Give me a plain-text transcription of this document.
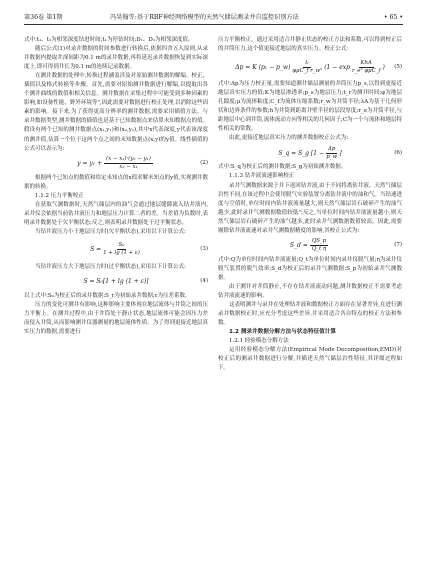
第36卷 第1期	冯昊翰等:基于RBF神经网络模型的天然气储层测录井自监控识别方法	• 65 •

式中:t₁、t₂为相邻深度钻进时间;t₁为停钻时间;D₁、D₂为相邻深度值。

随后公式(1)对录井数据的时间参数进行转换后,依据四舍五入原则,从录井数据内提取井深间距为0.1 m的录井数据,再将延迟录井数据恢复到实际深度上,即可得到井长为0.1 m的连续记录数据。

在测井数据的处理中,转换过程涵盖涉及对原始测井数据的解编、校正、插值以及格式转换等步骤。首先,需要对原始测井数据进行解编,以提取出各个测井曲线的数值和相关信息。测井数据在采集过程中可能受到多种因素的影响,如设备性能、野外环境等",因此需要对数据进行校正处理,以消除这些因素的影响。接下来,为了获得更高分辨率的测井数据,需要采用插值方法。与录井数据类型,测井数据的插值也是基于已知数据点来估算未知数据点的值。假设有两个已知的测井数据点(x₁,y₁)和(x₂,y₂),其中x代表深度,y代表该深度的测井值,估算一个位于这两个点之间的未知数据点(x,y)的y值。线性插值的公式可以表示为:

$y = y_1 + \frac{\text{(x − x₁)·(y₂ − y₁)}}{\text{x₂ − x₁}}$	(2)

根据两个已知点的数值和给定未知点的x值求解未知点的y值,实现测井数据的转换。

1.1.2 压力平衡校正

在获取气测数据时,天然气储层内的油气会通过地层缝隙流入钻井液内,录井仪会依据当前钻井液压力和地层压力计算二者的差。当差值为负数时,表明录井数据处于欠平衡状态;反之,则表明录井数据处于过平衡状态。

当钻井液压力小于地层压力时(欠平衡状态),采用以下计算公式:

$S = \frac{\text{S₀}}{1 + \lg (1 + \varepsilon)}$	(3)

当钻井液压力大于地层压力时(过平衡状态),采用以下计算公式:

S = S₀[1 + lg (1 + ε)]	(4)

以上式中:S₀为校正后的录井数据;S_r为初始录井数据;ε为压差系数。

压力的变化可测井有影响,这种影响主要体现在地层流体与井筒之间的压力平衡上。在测井过程中,由于井筒处于静止状态,地层流体可能会因压力差而侵入井筒,从而影响测井仪器测量的地层流体性质。为了得到更接近地层真实压力的数据,需要进行

压力平衡校正。通过采用适合井静止状态的校正方法和系数,可以得到校正后的井筒压力,这个值更接近地层的真实压力。校正公式:

Δp = K (p₁ − p_w) $\frac{\text{tᵣ}}{\text{φμC\_f r\_w²}} (1 - \exp \frac{\text{KhA}}{\text{r\_e² φμC\_f}}$ ) (5)

式中:Δp为压力校正量,需要知道测井储层测量的井筒压力p_s,以得到更接近地层真实压力的值;K为地层渗透率;p_s为地层压力;t_r为测井时间;φ为地层孔隙度;μ为流体粘度;C_f为流体压缩系数;r_w为井筒半径;λA为基于几何形状和边界条件的参数;h为井筒到距离井壁半径的层段厚度;r_e为井筒半径,与距地层中心到井筒,流体流动方向等相关的几何因子;C为一个与流体和地层特性相关的常数。

由此,更接近地层真实压力的测井数据校正公式为:

S_q = S_g [$1 - \frac{\Delta p}{p\_w}$ ]	(6)

式中:S_q为校正后的测井数据;S_g为初始测井数据。

1.1.3 钻井液流速影响校正

录井气测数据来源于并下返回钻井液,由于不同将离钻井液、天然气储层岩性不同,在该过程中会使用脱气实验装置分离钻井液中的油和气。当钻速进度与空值时,单位时间内钻井液流量越大,则天然气储层岩石破碎产生的油气越少,此时录井气测数据数值较低";反之,当单位时间内钻井液流量越小,则天然气储层岩石破碎产生的油气越多,此时录井气测数据数值较高。因此,需要剔除钻井液流速对录井气测数据精度的影响,其校正公式为:

S_d = $\frac{QS\_p}{\text{Q\_t η}}$	(7)

式中:Q为单位时间内钻井液流量;Q_t为单位时间内录井仪脱气量;η为录井仪脱气装置的脱气效率;S_d为校正后的录井气测数据;S_p为初始录井气测数据。

由于测井对井筒静止,不存在钻井液流动问题,测井数据校正不需要考虑钻井液流速的影响。

这表明测井与录井在处理钻井液和数据校正方面存在显著差异,在进行测录井数据校正时,应充分考虑这些差异,并采用适合各自特点的校正方法和参数。

1.2 测录井数据分解方法与状态特征值计算

1.2.1 经验模态分解方法

运用经验模态分解方法(Empirical Mode Decomposition,EMD)对校正后的测录井数据进行分解,并描述天然气储层岩性特征,其详细过程如下。
